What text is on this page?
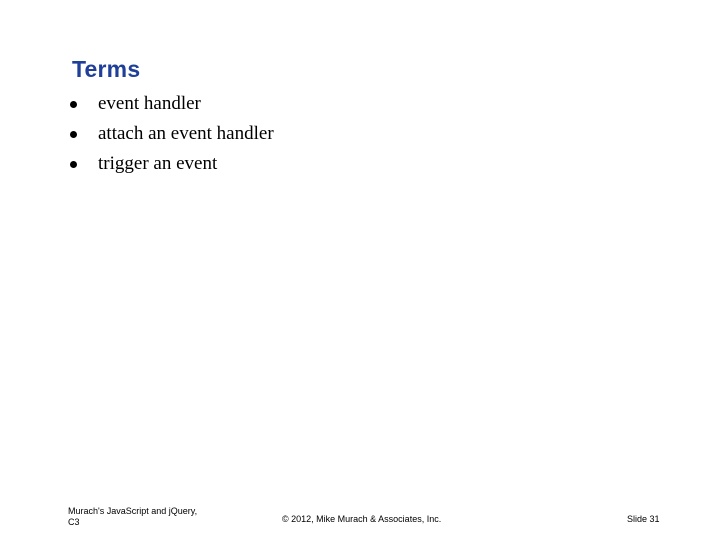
Terms
event handler
attach an event handler
trigger an event
Murach's JavaScript and jQuery,
C3	© 2012, Mike Murach & Associates, Inc.	Slide 31
